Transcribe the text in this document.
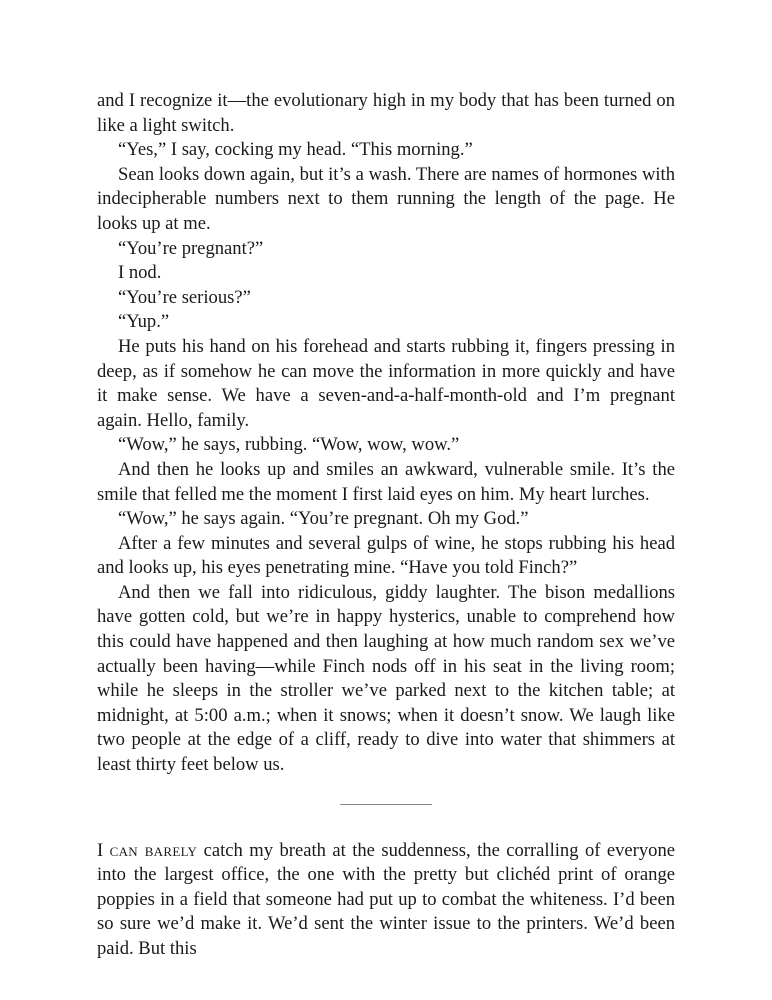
and I recognize it—the evolutionary high in my body that has been turned on like a light switch.

“Yes,” I say, cocking my head. “This morning.”

Sean looks down again, but it’s a wash. There are names of hormones with indecipherable numbers next to them running the length of the page. He looks up at me.

“You’re pregnant?”

I nod.

“You’re serious?”

“Yup.”

He puts his hand on his forehead and starts rubbing it, fingers pressing in deep, as if somehow he can move the information in more quickly and have it make sense. We have a seven-and-a-half-month-old and I’m pregnant again. Hello, family.

“Wow,” he says, rubbing. “Wow, wow, wow.”

And then he looks up and smiles an awkward, vulnerable smile. It’s the smile that felled me the moment I first laid eyes on him. My heart lurches.

“Wow,” he says again. “You’re pregnant. Oh my God.”

After a few minutes and several gulps of wine, he stops rubbing his head and looks up, his eyes penetrating mine. “Have you told Finch?”

And then we fall into ridiculous, giddy laughter. The bison medallions have gotten cold, but we’re in happy hysterics, unable to comprehend how this could have happened and then laughing at how much random sex we’ve actually been having—while Finch nods off in his seat in the living room; while he sleeps in the stroller we’ve parked next to the kitchen table; at midnight, at 5:00 a.m.; when it snows; when it doesn’t snow. We laugh like two people at the edge of a cliff, ready to dive into water that shimmers at least thirty feet below us.

I can barely catch my breath at the suddenness, the corralling of everyone into the largest office, the one with the pretty but clichéd print of orange poppies in a field that someone had put up to combat the whiteness. I’d been so sure we’d make it. We’d sent the winter issue to the printers. We’d been paid. But this
